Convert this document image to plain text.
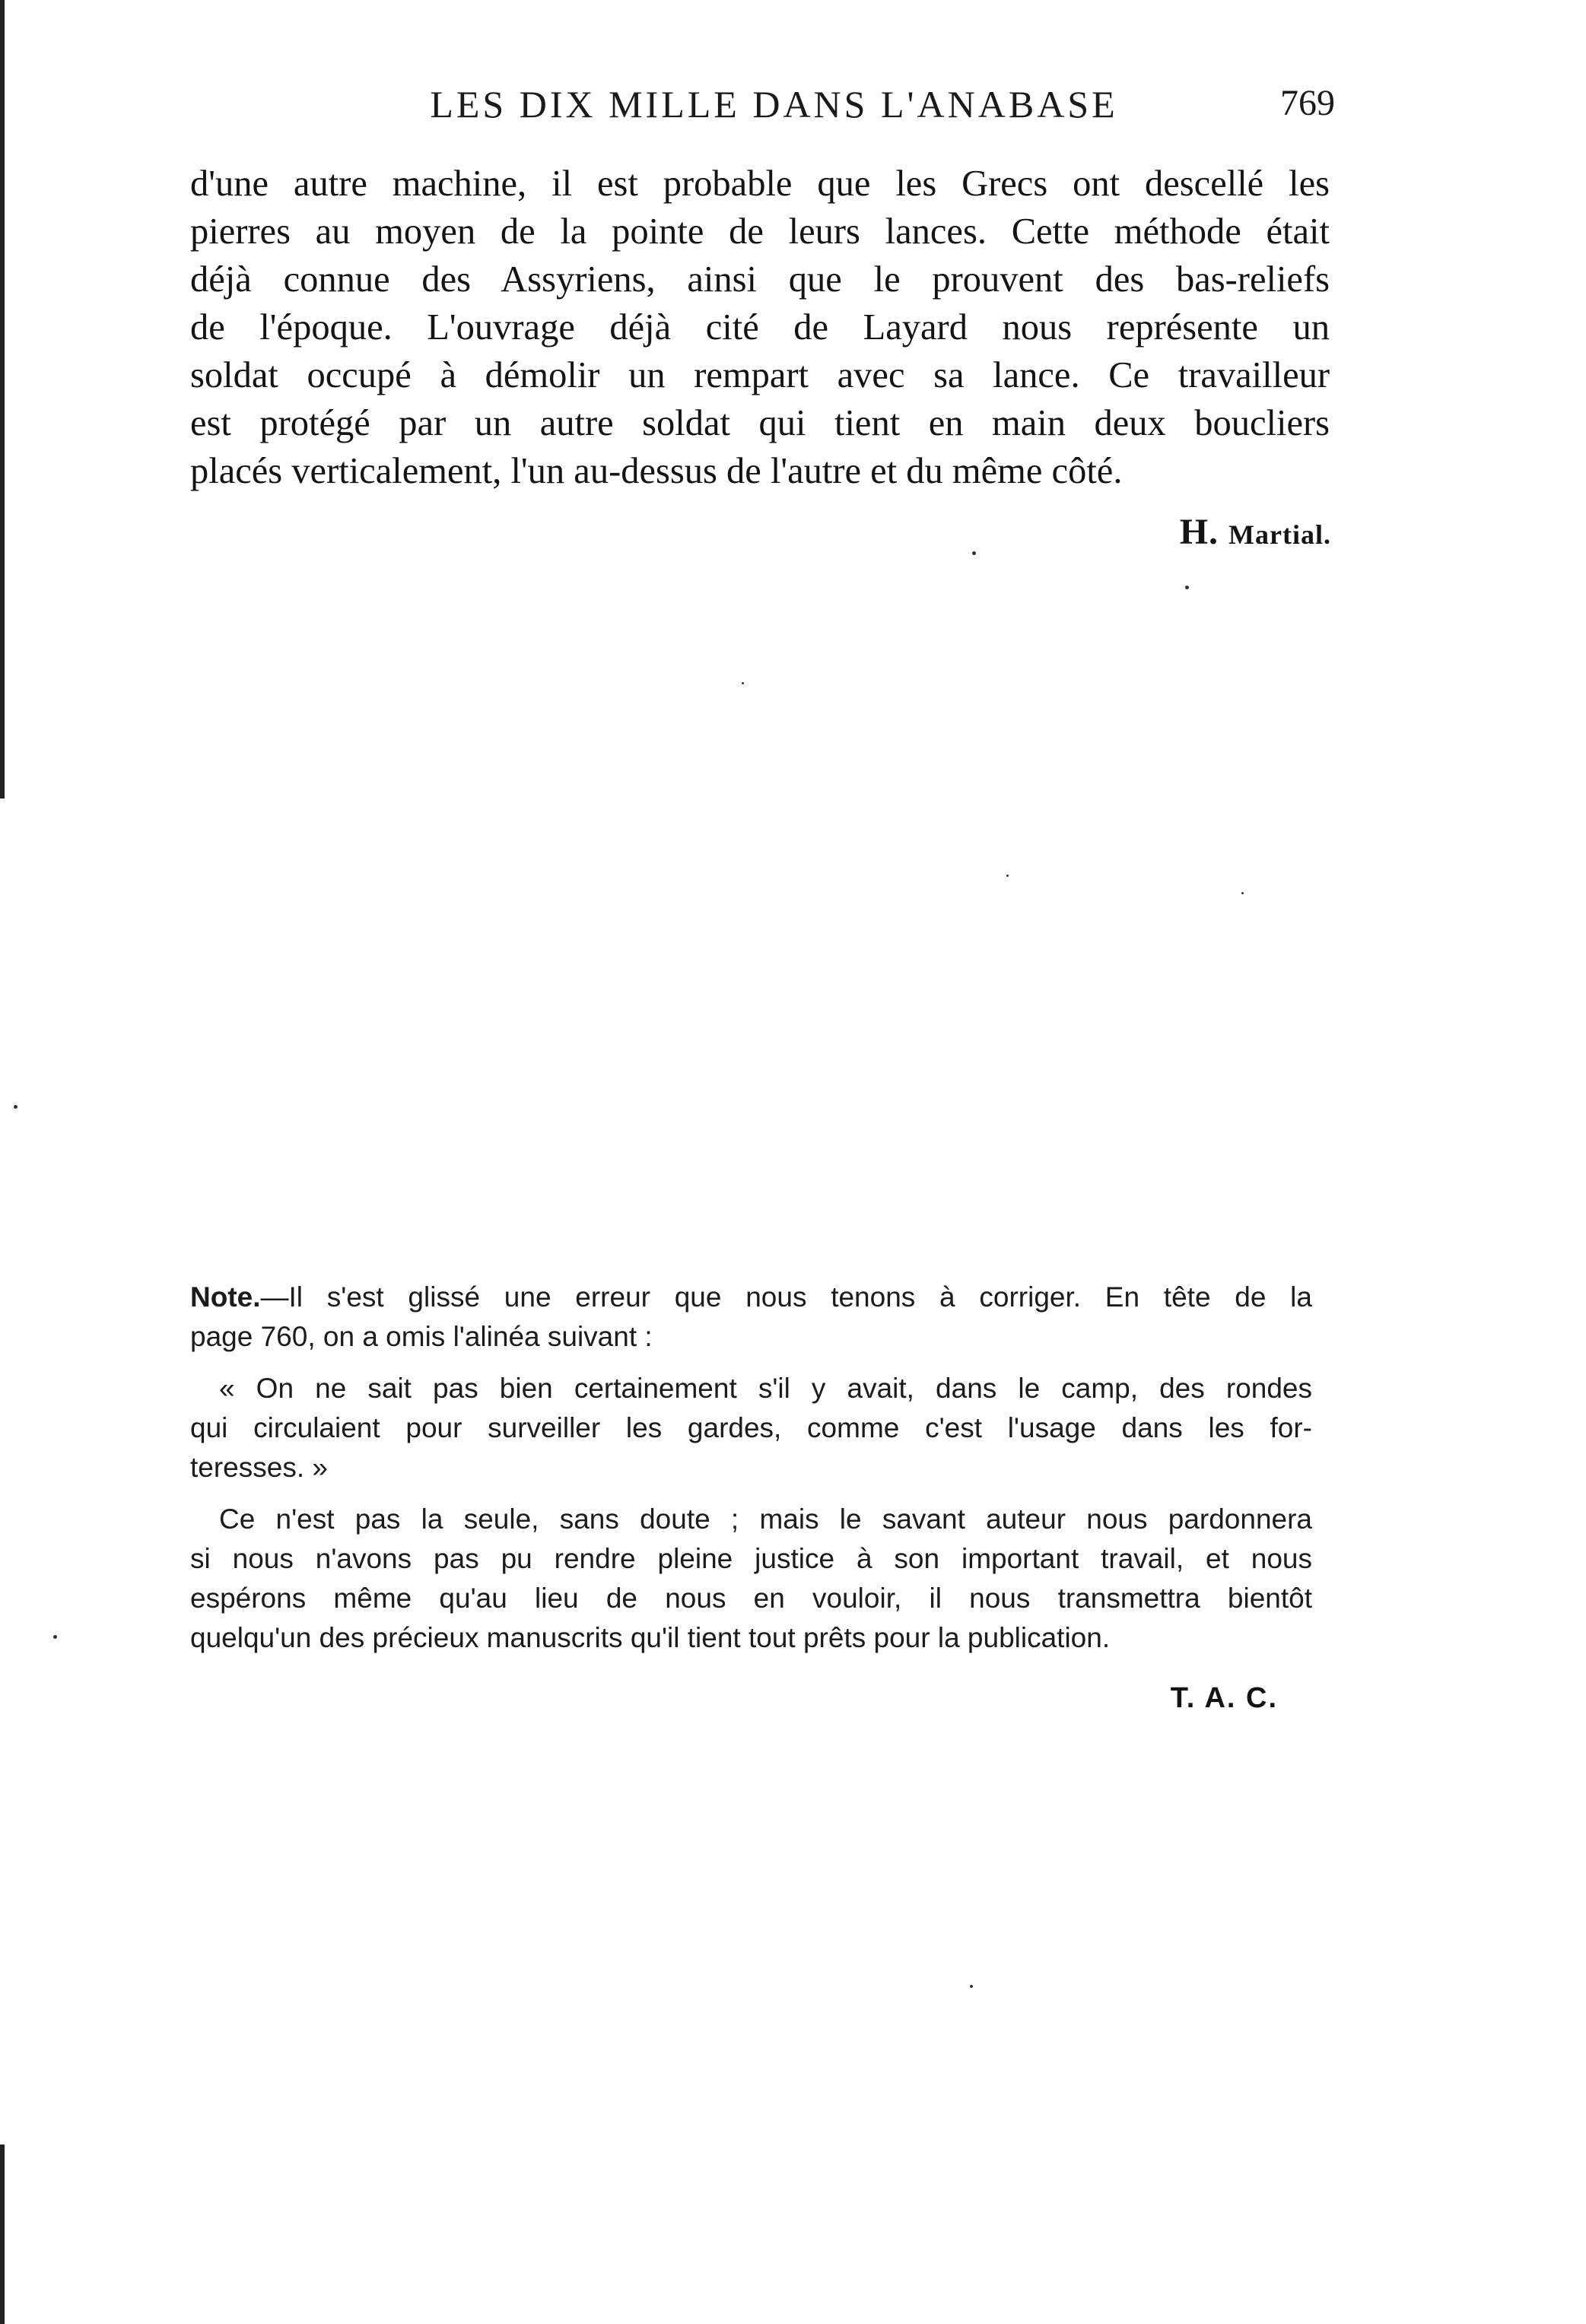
LES DIX MILLE DANS L'ANABASE	769

d'une autre machine, il est probable que les Grecs ont descellé les
pierres au moyen de la pointe de leurs lances. Cette méthode était
déjà connue des Assyriens, ainsi que le prouvent des bas-reliefs
de l'époque. L'ouvrage déjà cité de Layard nous représente un
soldat occupé à démolir un rempart avec sa lance. Ce travailleur
est protégé par un autre soldat qui tient en main deux boucliers
placés verticalement, l'un au-dessus de l'autre et du même côté.

H. Martial.
Note.—Il s'est glissé une erreur que nous tenons à corriger. En tête de la
page 760, on a omis l'alinéa suivant :
« On ne sait pas bien certainement s'il y avait, dans le camp, des rondes
qui circulaient pour surveiller les gardes, comme c'est l'usage dans les for-
teresses. »
Ce n'est pas la seule, sans doute ; mais le savant auteur nous pardonnera
si nous n'avons pas pu rendre pleine justice à son important travail, et nous
espérons même qu'au lieu de nous en vouloir, il nous transmettra bientôt
quelqu'un des précieux manuscrits qu'il tient tout prêts pour la publication.
T. A. C.
